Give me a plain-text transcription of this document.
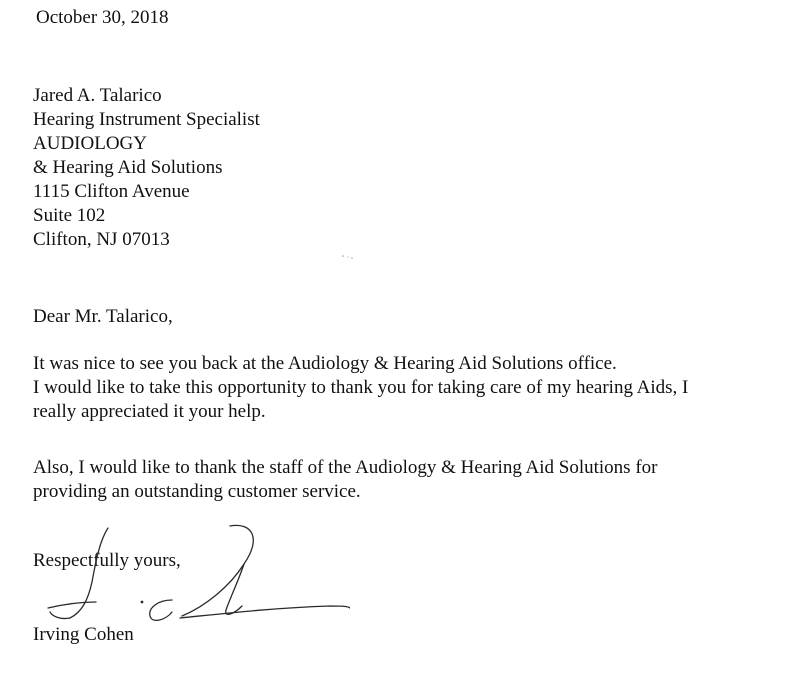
October 30, 2018
Jared A. Talarico
Hearing Instrument Specialist
AUDIOLOGY
& Hearing Aid Solutions
1115 Clifton Avenue
Suite 102
Clifton, NJ 07013
Dear Mr. Talarico,
It was nice to see you back at the Audiology & Hearing Aid Solutions office.
I would like to take this opportunity to thank you for taking care of my hearing Aids, I
really appreciated it your help.
Also, I would like to thank the staff of the Audiology & Hearing Aid Solutions for
providing an outstanding customer service.
Respectfully yours,
Irving Cohen
